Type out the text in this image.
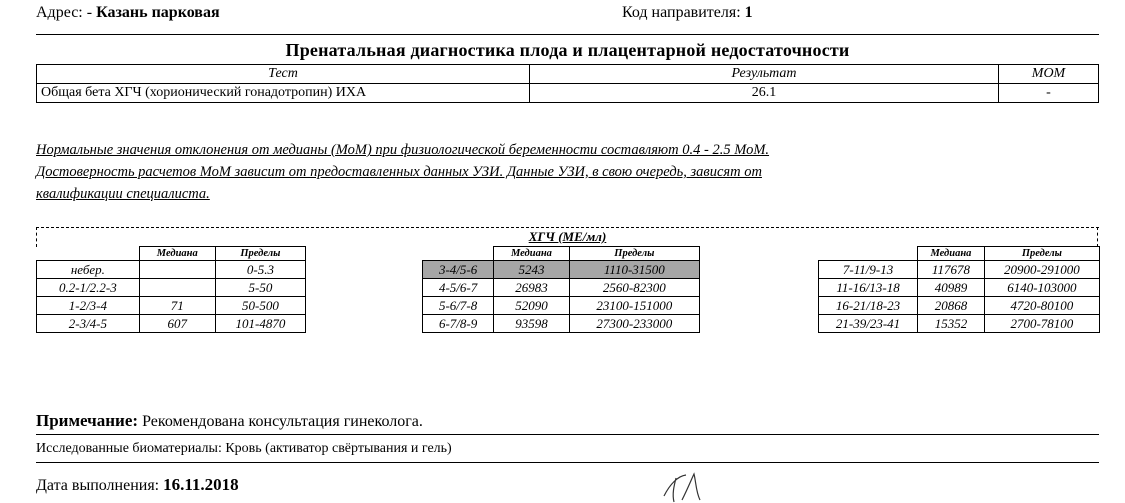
Адрес: - Казань парковая	Код направителя: 1
Пренатальная диагностика плода и плацентарной недостаточности
Тест	Результат	МОМ
Общая бета ХГЧ (хорионический гонадотропин) ИХА	26.1	-
Нормальные значения отклонения от медианы (МоМ) при физиологической беременности составляют 0.4 - 2.5 МоМ.
Достоверность расчетов МоМ зависит от предоставленных данных УЗИ. Данные УЗИ, в свою очередь, зависят от
квалификации специалиста.
ХГЧ (МЕ/мл)
	Медиана	Пределы
небер.		0-5.3
0.2-1/2.2-3		5-50
1-2/3-4	71	50-500
2-3/4-5	607	101-4870
	Медиана	Пределы
3-4/5-6	5243	1110-31500
4-5/6-7	26983	2560-82300
5-6/7-8	52090	23100-151000
6-7/8-9	93598	27300-233000
	Медиана	Пределы
7-11/9-13	117678	20900-291000
11-16/13-18	40989	6140-103000
16-21/18-23	20868	4720-80100
21-39/23-41	15352	2700-78100
Примечание: Рекомендована консультация гинеколога.
Исследованные биоматериалы: Кровь (активатор свёртывания и гель)
Дата выполнения: 16.11.2018
